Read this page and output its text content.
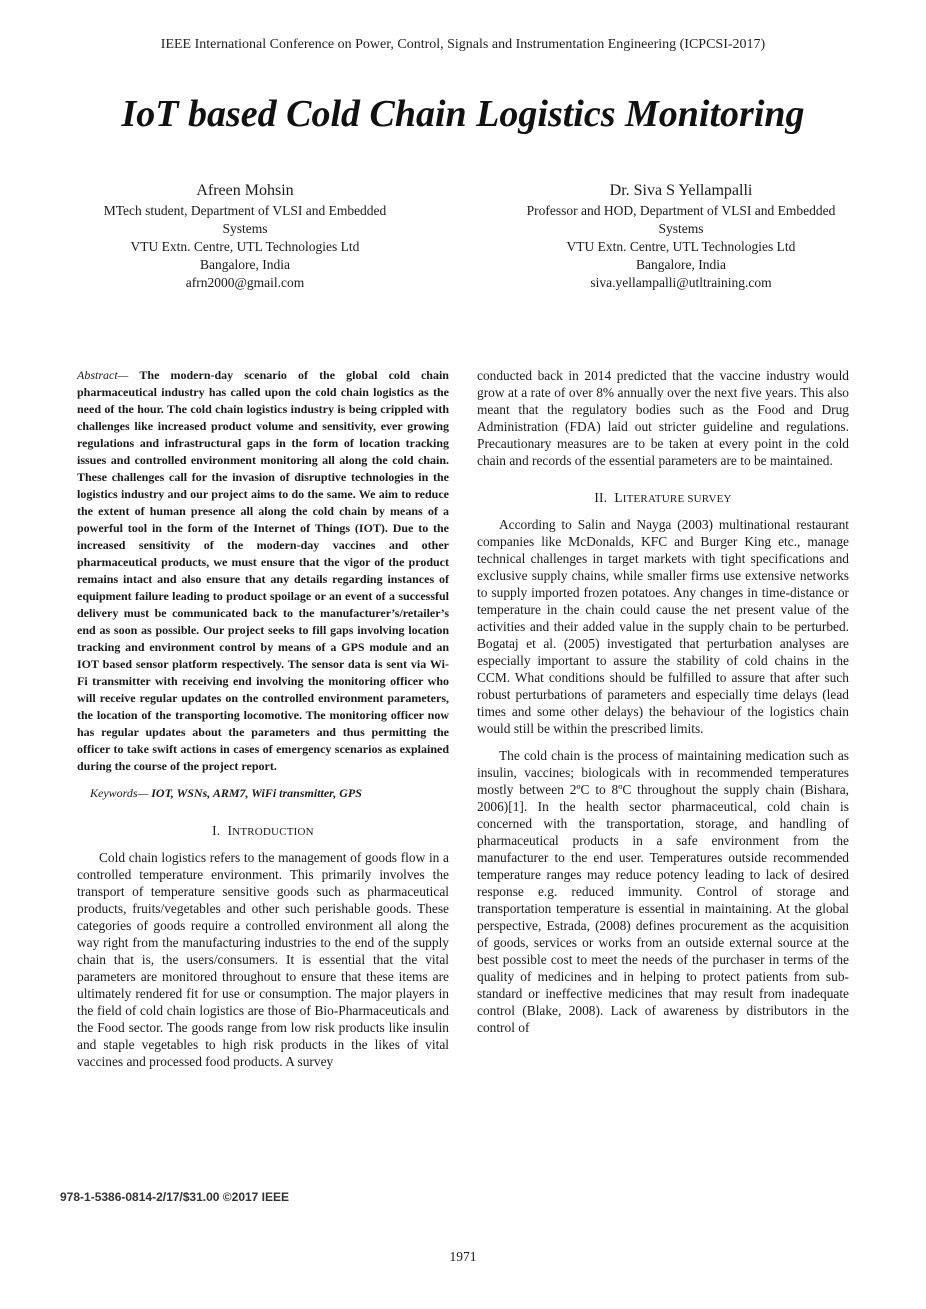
IEEE International Conference on Power, Control, Signals and Instrumentation Engineering (ICPCSI-2017)
IoT based Cold Chain Logistics Monitoring
Afreen Mohsin
MTech student, Department of VLSI and Embedded
Systems
VTU Extn. Centre, UTL Technologies Ltd
Bangalore, India
afrn2000@gmail.com
Dr. Siva S Yellampalli
Professor and HOD, Department of VLSI and Embedded
Systems
VTU Extn. Centre, UTL Technologies Ltd
Bangalore, India
siva.yellampalli@utltraining.com

Abstract— The modern-day scenario of the global cold chain pharmaceutical industry has called upon the cold chain logistics as the need of the hour. The cold chain logistics industry is being crippled with challenges like increased product volume and sensitivity, ever growing regulations and infrastructural gaps in the form of location tracking issues and controlled environment monitoring all along the cold chain. These challenges call for the invasion of disruptive technologies in the logistics industry and our project aims to do the same. We aim to reduce the extent of human presence all along the cold chain by means of a powerful tool in the form of the Internet of Things (IOT). Due to the increased sensitivity of the modern-day vaccines and other pharmaceutical products, we must ensure that the vigor of the product remains intact and also ensure that any details regarding instances of equipment failure leading to product spoilage or an event of a successful delivery must be communicated back to the manufacturer’s/retailer’s end as soon as possible. Our project seeks to fill gaps involving location tracking and environment control by means of a GPS module and an IOT based sensor platform respectively. The sensor data is sent via Wi-Fi transmitter with receiving end involving the monitoring officer who will receive regular updates on the controlled environment parameters, the location of the transporting locomotive. The monitoring officer now has regular updates about the parameters and thus permitting the officer to take swift actions in cases of emergency scenarios as explained during the course of the project report.

Keywords— IOT, WSNs, ARM7, WiFi transmitter, GPS

I. INTRODUCTION

Cold chain logistics refers to the management of goods flow in a controlled temperature environment. This primarily involves the transport of temperature sensitive goods such as pharmaceutical products, fruits/vegetables and other such perishable goods. These categories of goods require a controlled environment all along the way right from the manufacturing industries to the end of the supply chain that is, the users/consumers. It is essential that the vital parameters are monitored throughout to ensure that these items are ultimately rendered fit for use or consumption. The major players in the field of cold chain logistics are those of Bio-Pharmaceuticals and the Food sector. The goods range from low risk products like insulin and staple vegetables to high risk products in the likes of vital vaccines and processed food products. A survey

conducted back in 2014 predicted that the vaccine industry would grow at a rate of over 8% annually over the next five years. This also meant that the regulatory bodies such as the Food and Drug Administration (FDA) laid out stricter guideline and regulations. Precautionary measures are to be taken at every point in the cold chain and records of the essential parameters are to be maintained.

II. LITERATURE SURVEY

According to Salin and Nayga (2003) multinational restaurant companies like McDonalds, KFC and Burger King etc., manage technical challenges in target markets with tight specifications and exclusive supply chains, while smaller firms use extensive networks to supply imported frozen potatoes. Any changes in time-distance or temperature in the chain could cause the net present value of the activities and their added value in the supply chain to be perturbed. Bogataj et al. (2005) investigated that perturbation analyses are especially important to assure the stability of cold chains in the CCM. What conditions should be fulfilled to assure that after such robust perturbations of parameters and especially time delays (lead times and some other delays) the behaviour of the logistics chain would still be within the prescribed limits.

The cold chain is the process of maintaining medication such as insulin, vaccines; biologicals with in recommended temperatures mostly between 2ºC to 8ºC throughout the supply chain (Bishara, 2006)[1]. In the health sector pharmaceutical, cold chain is concerned with the transportation, storage, and handling of pharmaceutical products in a safe environment from the manufacturer to the end user. Temperatures outside recommended temperature ranges may reduce potency leading to lack of desired response e.g. reduced immunity. Control of storage and transportation temperature is essential in maintaining. At the global perspective, Estrada, (2008) defines procurement as the acquisition of goods, services or works from an outside external source at the best possible cost to meet the needs of the purchaser in terms of the quality of medicines and in helping to protect patients from sub-standard or ineffective medicines that may result from inadequate control (Blake, 2008). Lack of awareness by distributors in the control of

978-1-5386-0814-2/17/$31.00 ©2017 IEEE
1971
